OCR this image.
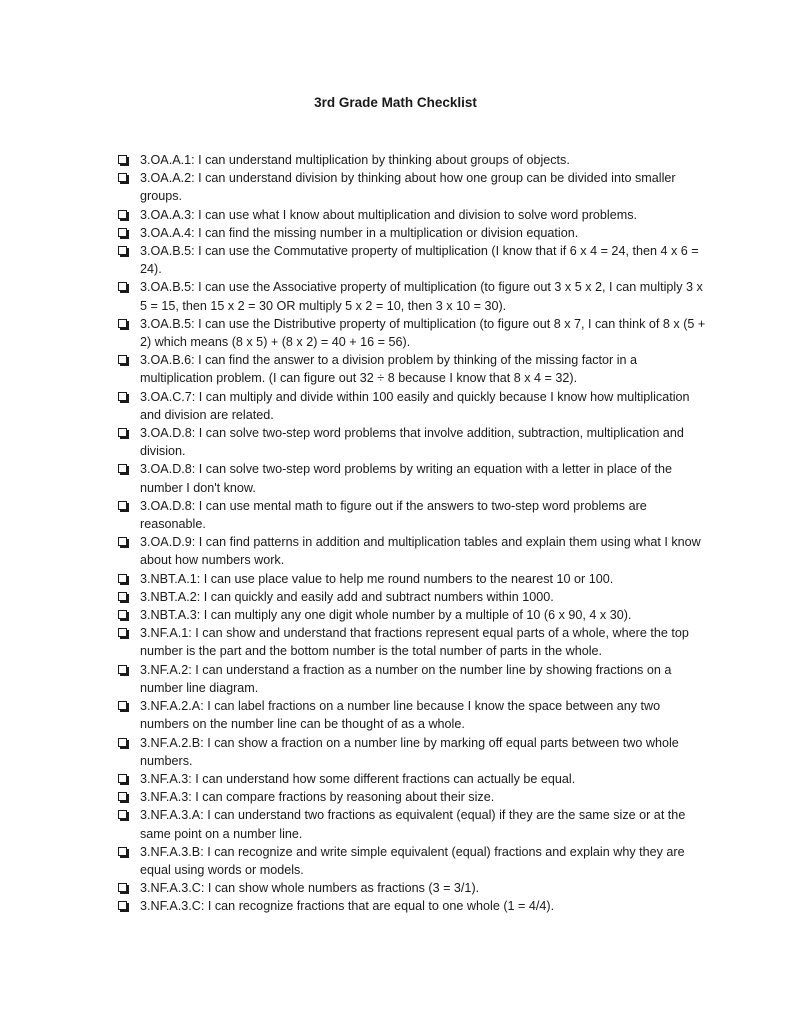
3rd Grade Math Checklist
3.OA.A.1: I can understand multiplication by thinking about groups of objects.
3.OA.A.2: I can understand division by thinking about how one group can be divided into smaller groups.
3.OA.A.3: I can use what I know about multiplication and division to solve word problems.
3.OA.A.4: I can find the missing number in a multiplication or division equation.
3.OA.B.5: I can use the Commutative property of multiplication (I know that if 6 x 4 = 24, then 4 x 6 = 24).
3.OA.B.5: I can use the Associative property of multiplication (to figure out 3 x 5 x 2, I can multiply 3 x 5 = 15, then 15 x 2 = 30 OR multiply 5 x 2 = 10, then 3 x 10 = 30).
3.OA.B.5: I can use the Distributive property of multiplication (to figure out 8 x 7, I can think of 8 x (5 + 2) which means (8 x 5) + (8 x 2) = 40 + 16 = 56).
3.OA.B.6: I can find the answer to a division problem by thinking of the missing factor in a multiplication problem. (I can figure out 32 ÷ 8 because I know that 8 x 4 = 32).
3.OA.C.7: I can multiply and divide within 100 easily and quickly because I know how multiplication and division are related.
3.OA.D.8: I can solve two-step word problems that involve addition, subtraction, multiplication and division.
3.OA.D.8: I can solve two-step word problems by writing an equation with a letter in place of the number I don't know.
3.OA.D.8: I can use mental math to figure out if the answers to two-step word problems are reasonable.
3.OA.D.9: I can find patterns in addition and multiplication tables and explain them using what I know about how numbers work.
3.NBT.A.1: I can use place value to help me round numbers to the nearest 10 or 100.
3.NBT.A.2: I can quickly and easily add and subtract numbers within 1000.
3.NBT.A.3: I can multiply any one digit whole number by a multiple of 10 (6 x 90, 4 x 30).
3.NF.A.1: I can show and understand that fractions represent equal parts of a whole, where the top number is the part and the bottom number is the total number of parts in the whole.
3.NF.A.2: I can understand a fraction as a number on the number line by showing fractions on a number line diagram.
3.NF.A.2.A: I can label fractions on a number line because I know the space between any two numbers on the number line can be thought of as a whole.
3.NF.A.2.B: I can show a fraction on a number line by marking off equal parts between two whole numbers.
3.NF.A.3: I can understand how some different fractions can actually be equal.
3.NF.A.3: I can compare fractions by reasoning about their size.
3.NF.A.3.A: I can understand two fractions as equivalent (equal) if they are the same size or at the same point on a number line.
3.NF.A.3.B: I can recognize and write simple equivalent (equal) fractions and explain why they are equal using words or models.
3.NF.A.3.C: I can show whole numbers as fractions (3 = 3/1).
3.NF.A.3.C: I can recognize fractions that are equal to one whole (1 = 4/4).
